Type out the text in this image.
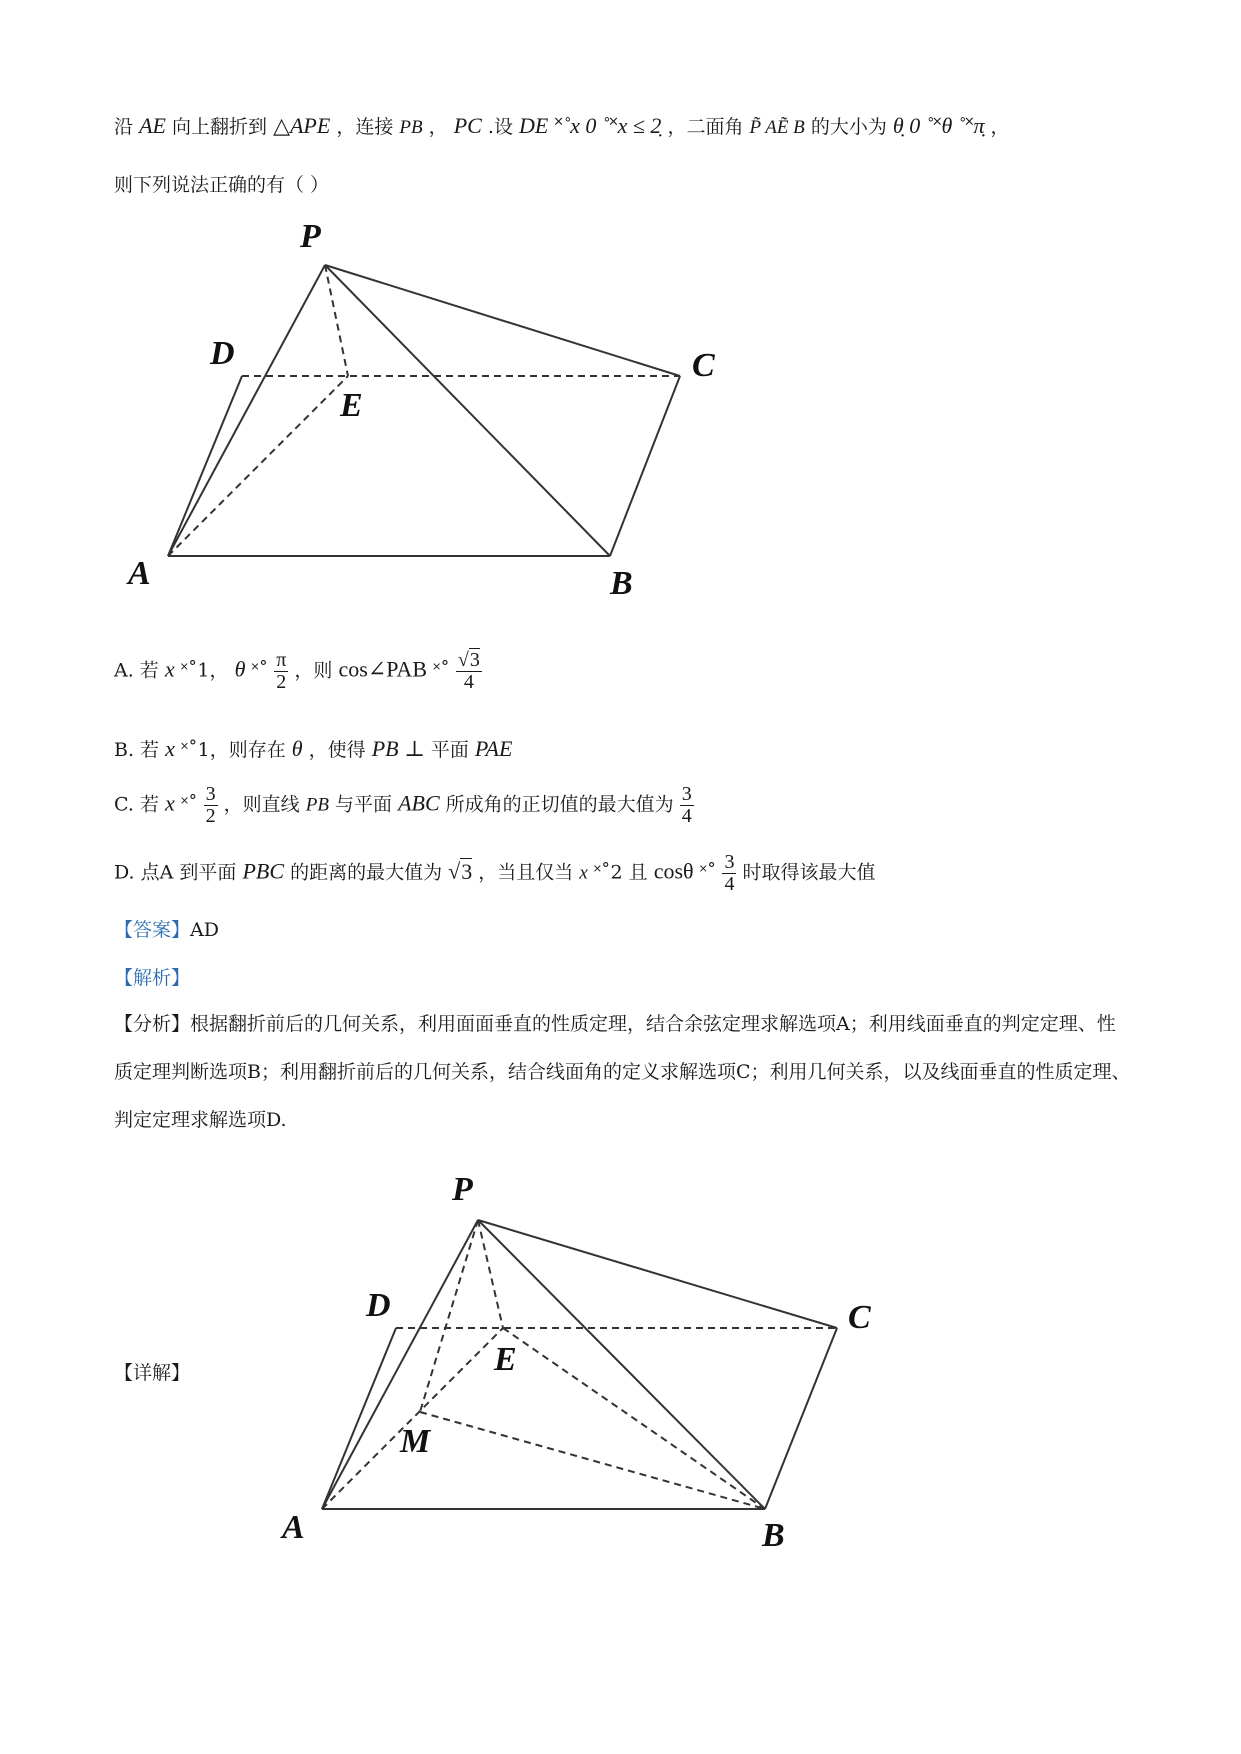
沿 AE 向上翻折到 △APE ，连接 PB ， PC .设 DE ˟˚x 0 ˚˟x ≤ 2̣ ，二面角 P̃ AẼ B 的大小为 θ̣ 0 ˚˟θ ˚˟π̣ ，
则下列说法正确的有（ ）
P
D
E
C
A	B
A. 若 x ˟˚1， θ ˟˚ $\frac{\pi}{2}$ ，则 cos∠PAB ˟˚ $\frac{√3}{4}$
B. 若 x ˟˚1，则存在 θ ，使得 PB ⊥ 平面 PAE
C. 若 x ˟˚ $\frac{3}{2}$ ，则直线 PB 与平面 ABC 所成角的正切值的最大值为 $\frac{3}{4}$
D. 点A 到平面 PBC 的距离的最大值为 √3 ，当且仅当 x ˟˚2 且 cosθ ˟˚ $\frac{3}{4}$ 时取得该最大值
【答案】AD
【解析】
【分析】根据翻折前后的几何关系，利用面面垂直的性质定理，结合余弦定理求解选项A；利用线面垂直的判定定理、性质定理判断选项B；利用翻折前后的几何关系，结合线面角的定义求解选项C；利用几何关系，以及线面垂直的性质定理、判定定理求解选项D.
【详解】
P
D
E
C
M
A	B
